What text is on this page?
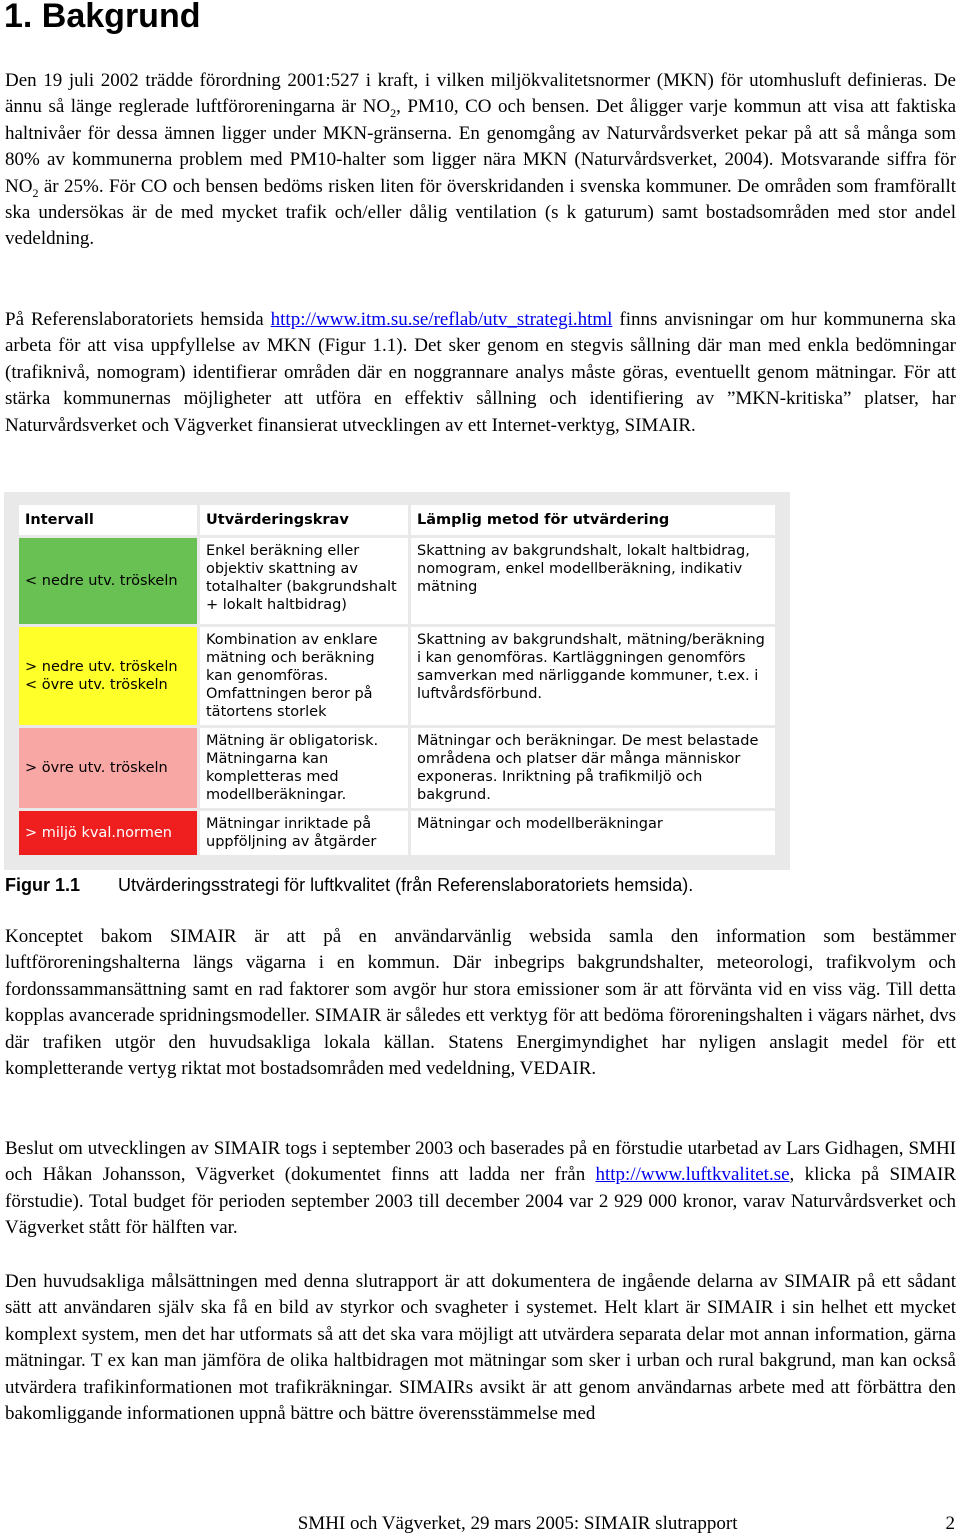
1. Bakgrund

Den 19 juli 2002 trädde förordning 2001:527 i kraft, i vilken miljökvalitetsnormer (MKN) för utomhusluft definieras. De ännu så länge reglerade luftföroreningarna är $NO_2$, PM10, CO och bensen. Det åligger varje kommun att visa att faktiska haltnivåer för dessa ämnen ligger under MKN-gränserna. En genomgång av Naturvårdsverket pekar på att så många som 80% av kommunerna problem med PM10-halter som ligger nära MKN (Naturvårdsverket, 2004). Motsvarande siffra för $NO_2$ är 25%. För CO och bensen bedöms risken liten för överskridanden i svenska kommuner. De områden som framförallt ska undersökas är de med mycket trafik och/eller dålig ventilation (s k gaturum) samt bostadsområden med stor andel vedeldning.

På Referenslaboratoriets hemsida http://www.itm.su.se/reflab/utv_strategi.html finns anvisningar om hur kommunerna ska arbeta för att visa uppfyllelse av MKN (Figur 1.1). Det sker genom en stegvis sållning där man med enkla bedömningar (trafiknivå, nomogram) identifierar områden där en noggrannare analys måste göras, eventuellt genom mätningar. För att stärka kommunernas möjligheter att utföra en effektiv sållning och identifiering av ”MKN-kritiska” platser, har Naturvårdsverket och Vägverket finansierat utvecklingen av ett Internet-verktyg, SIMAIR.

Intervall	Utvärderingskrav	Lämplig metod för utvärdering
< nedre utv. tröskeln	Enkel beräkning eller objektiv skattning av totalhalter (bakgrundshalt + lokalt haltbidrag)	Skattning av bakgrundshalt, lokalt haltbidrag, nomogram, enkel modellberäkning, indikativ mätning
> nedre utv. tröskeln < övre utv. tröskeln	Kombination av enklare mätning och beräkning kan genomföras. Omfattningen beror på tätortens storlek	Skattning av bakgrundshalt, mätning/beräkning i kan genomföras. Kartläggningen genomförs samverkan med närliggande kommuner, t.ex. i luftvårdsförbund.
> övre utv. tröskeln	Mätning är obligatorisk. Mätningarna kan kompletteras med modellberäkningar.	Mätningar och beräkningar. De mest belastade områdena och platser där många människor exponeras. Inriktning på trafikmiljö och bakgrund.
> miljö kval.normen	Mätningar inriktade på uppföljning av åtgärder	Mätningar och modellberäkningar

Figur 1.1 Utvärderingsstrategi för luftkvalitet (från Referenslaboratoriets hemsida).

Konceptet bakom SIMAIR är att på en användarvänlig websida samla den information som bestämmer luftföroreningshalterna längs vägarna i en kommun. Där inbegrips bakgrundshalter, meteorologi, trafikvolym och fordonssammansättning samt en rad faktorer som avgör hur stora emissioner som är att förvänta vid en viss väg. Till detta kopplas avancerade spridningsmodeller. SIMAIR är således ett verktyg för att bedöma föroreningshalten i vägars närhet, dvs där trafiken utgör den huvudsakliga lokala källan. Statens Energimyndighet har nyligen anslagit medel för ett kompletterande vertyg riktat mot bostadsområden med vedeldning, VEDAIR.

Beslut om utvecklingen av SIMAIR togs i september 2003 och baserades på en förstudie utarbetad av Lars Gidhagen, SMHI och Håkan Johansson, Vägverket (dokumentet finns att ladda ner från http://www.luftkvalitet.se, klicka på SIMAIR förstudie). Total budget för perioden september 2003 till december 2004 var 2 929 000 kronor, varav Naturvårdsverket och Vägverket stått för hälften var.

Den huvudsakliga målsättningen med denna slutrapport är att dokumentera de ingående delarna av SIMAIR på ett sådant sätt att användaren själv ska få en bild av styrkor och svagheter i systemet. Helt klart är SIMAIR i sin helhet ett mycket komplext system, men det har utformats så att det ska vara möjligt att utvärdera separata delar mot annan information, gärna mätningar. T ex kan man jämföra de olika haltbidragen mot mätningar som sker i urban och rural bakgrund, man kan också utvärdera trafikinformationen mot trafikräkningar. SIMAIRs avsikt är att genom användarnas arbete med att förbättra den bakomliggande informationen uppnå bättre och bättre överensstämmelse med

SMHI och Vägverket, 29 mars 2005: SIMAIR slutrapport	2
